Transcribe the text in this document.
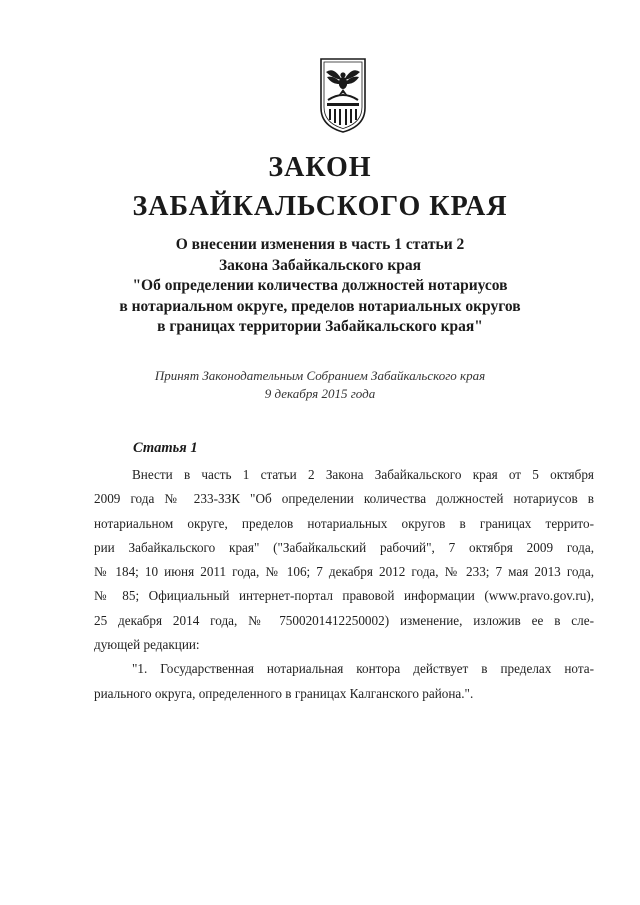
ЗАКОН
ЗАБАЙКАЛЬСКОГО КРАЯ
О внесении изменения в часть 1 статьи 2
Закона Забайкальского края
"Об определении количества должностей нотариусов
в нотариальном округе, пределов нотариальных округов
в границах территории Забайкальского края"
Принят Законодательным Собранием Забайкальского края
9 декабря 2015 года
Статья 1
Внести в часть 1 статьи 2 Закона Забайкальского края от 5 октября
2009 года № 233-ЗЗК "Об определении количества должностей нотариусов в
нотариальном округе, пределов нотариальных округов в границах террито-
рии Забайкальского края" ("Забайкальский рабочий", 7 октября 2009 года,
№ 184; 10 июня 2011 года, № 106; 7 декабря 2012 года, № 233; 7 мая 2013 года,
№ 85; Официальный интернет-портал правовой информации (www.pravo.gov.ru),
25 декабря 2014 года, № 7500201412250002) изменение, изложив ее в сле-
дующей редакции:
"1. Государственная нотариальная контора действует в пределах нота-
риального округа, определенного в границах Калганского района.".
